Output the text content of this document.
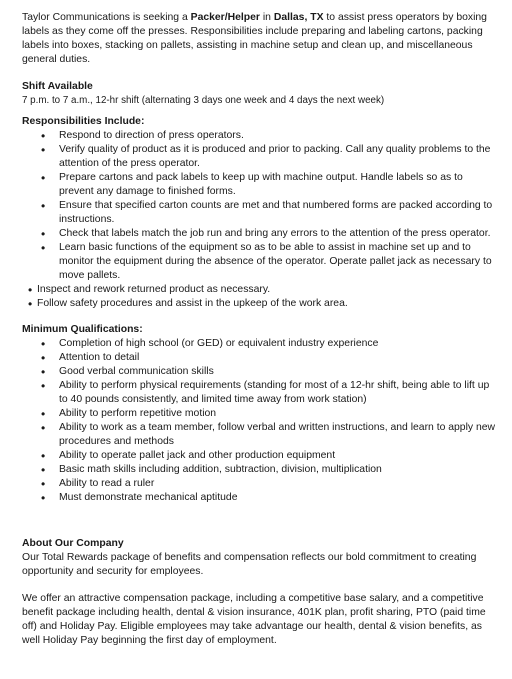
Taylor Communications is seeking a Packer/Helper in Dallas, TX to assist press operators by boxing labels as they come off the presses. Responsibilities include preparing and labeling cartons, packing labels into boxes, stacking on pallets, assisting in machine setup and clean up, and miscellaneous general duties.

Shift Available

7 p.m. to 7 a.m., 12-hr shift (alternating 3 days one week and 4 days the next week)

Responsibilities Include:

• Respond to direction of press operators.
• Verify quality of product as it is produced and prior to packing. Call any quality problems to the attention of the press operator.
• Prepare cartons and pack labels to keep up with machine output. Handle labels so as to prevent any damage to finished forms.
• Ensure that specified carton counts are met and that numbered forms are packed according to instructions.
• Check that labels match the job run and bring any errors to the attention of the press operator.
• Learn basic functions of the equipment so as to be able to assist in machine set up and to monitor the equipment during the absence of the operator. Operate pallet jack as necessary to move pallets.
• Inspect and rework returned product as necessary.
• Follow safety procedures and assist in the upkeep of the work area.

Minimum Qualifications:

• Completion of high school (or GED) or equivalent industry experience
• Attention to detail
• Good verbal communication skills
• Ability to perform physical requirements (standing for most of a 12-hr shift, being able to lift up to 40 pounds consistently, and limited time away from work station)
• Ability to perform repetitive motion
• Ability to work as a team member, follow verbal and written instructions, and learn to apply new procedures and methods
• Ability to operate pallet jack and other production equipment
• Basic math skills including addition, subtraction, division, multiplication
• Ability to read a ruler
• Must demonstrate mechanical aptitude

About Our Company

Our Total Rewards package of benefits and compensation reflects our bold commitment to creating opportunity and security for employees.

We offer an attractive compensation package, including a competitive base salary, and a competitive benefit package including health, dental & vision insurance, 401K plan, profit sharing, PTO (paid time off) and Holiday Pay. Eligible employees may take advantage our health, dental & vision benefits, as well Holiday Pay beginning the first day of employment.
